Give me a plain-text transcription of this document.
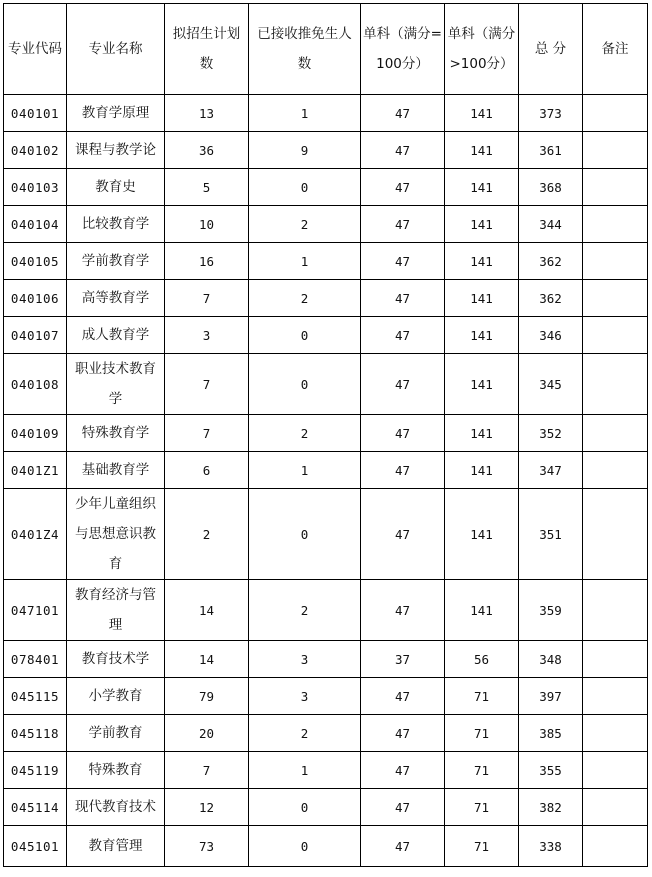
专业代码	专业名称	拟招生计划数	已接收推免生人数	单科（满分=100分）	单科（满分>100分）	总 分	备注
040101	教育学原理	13	1	47	141	373	
040102	课程与教学论	36	9	47	141	361	
040103	教育史	5	0	47	141	368	
040104	比较教育学	10	2	47	141	344	
040105	学前教育学	16	1	47	141	362	
040106	高等教育学	7	2	47	141	362	
040107	成人教育学	3	0	47	141	346	
040108	职业技术教育学	7	0	47	141	345	
040109	特殊教育学	7	2	47	141	352	
0401Z1	基础教育学	6	1	47	141	347	
0401Z4	少年儿童组织与思想意识教育	2	0	47	141	351	
047101	教育经济与管理	14	2	47	141	359	
078401	教育技术学	14	3	37	56	348	
045115	小学教育	79	3	47	71	397	
045118	学前教育	20	2	47	71	385	
045119	特殊教育	7	1	47	71	355	
045114	现代教育技术	12	0	47	71	382	
045101	教育管理	73	0	47	71	338	
